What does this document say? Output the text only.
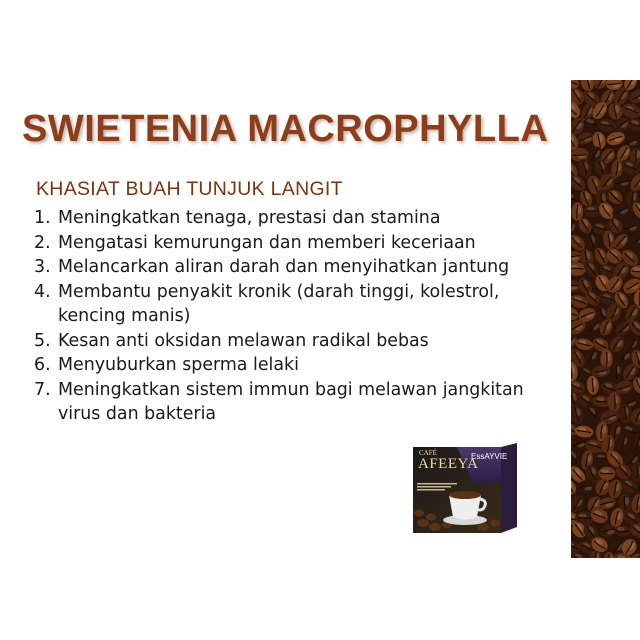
SWIETENIA MACROPHYLLA
KHASIAT BUAH TUNJUK LANGIT
1. Meningkatkan tenaga, prestasi dan stamina
2. Mengatasi kemurungan dan memberi keceriaan
3. Melancarkan aliran darah dan menyihatkan jantung
4. Membantu penyakit kronik (darah tinggi, kolestrol, kencing manis)
5. Kesan anti oksidan melawan radikal bebas
6. Menyuburkan sperma lelaki
7. Meningkatkan sistem immun bagi melawan jangkitan virus dan bakteria
CAFÉ
AFEEYA
EssAYVIE
